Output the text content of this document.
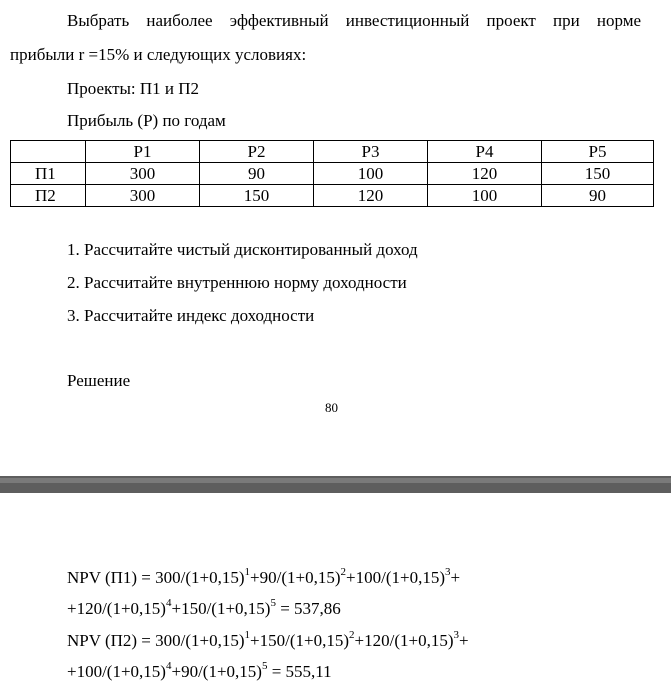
Выбрать наиболее эффективный инвестиционный проект при норме
прибыли r =15% и следующих условиях:
Проекты: П1 и П2
Прибыль (P) по годам
	P1	P2	P3	P4	P5
П1	300	90	100	120	150
П2	300	150	120	100	90
1. Рассчитайте чистый дисконтированный доход
2. Рассчитайте внутреннюю норму доходности
3. Рассчитайте индекс доходности
Решение
80
NPV $(П1) = 300/(1+0,15)^1+90/(1+0,15)^2+100/(1+0,15)^3+$
$+120/(1+0,15)^4+150/(1+0,15)^5 = 537,86$
NPV $(П2) = 300/(1+0,15)^1+150/(1+0,15)^2+120/(1+0,15)^3+$
$+100/(1+0,15)^4+90/(1+0,15)^5 = 555,11$
